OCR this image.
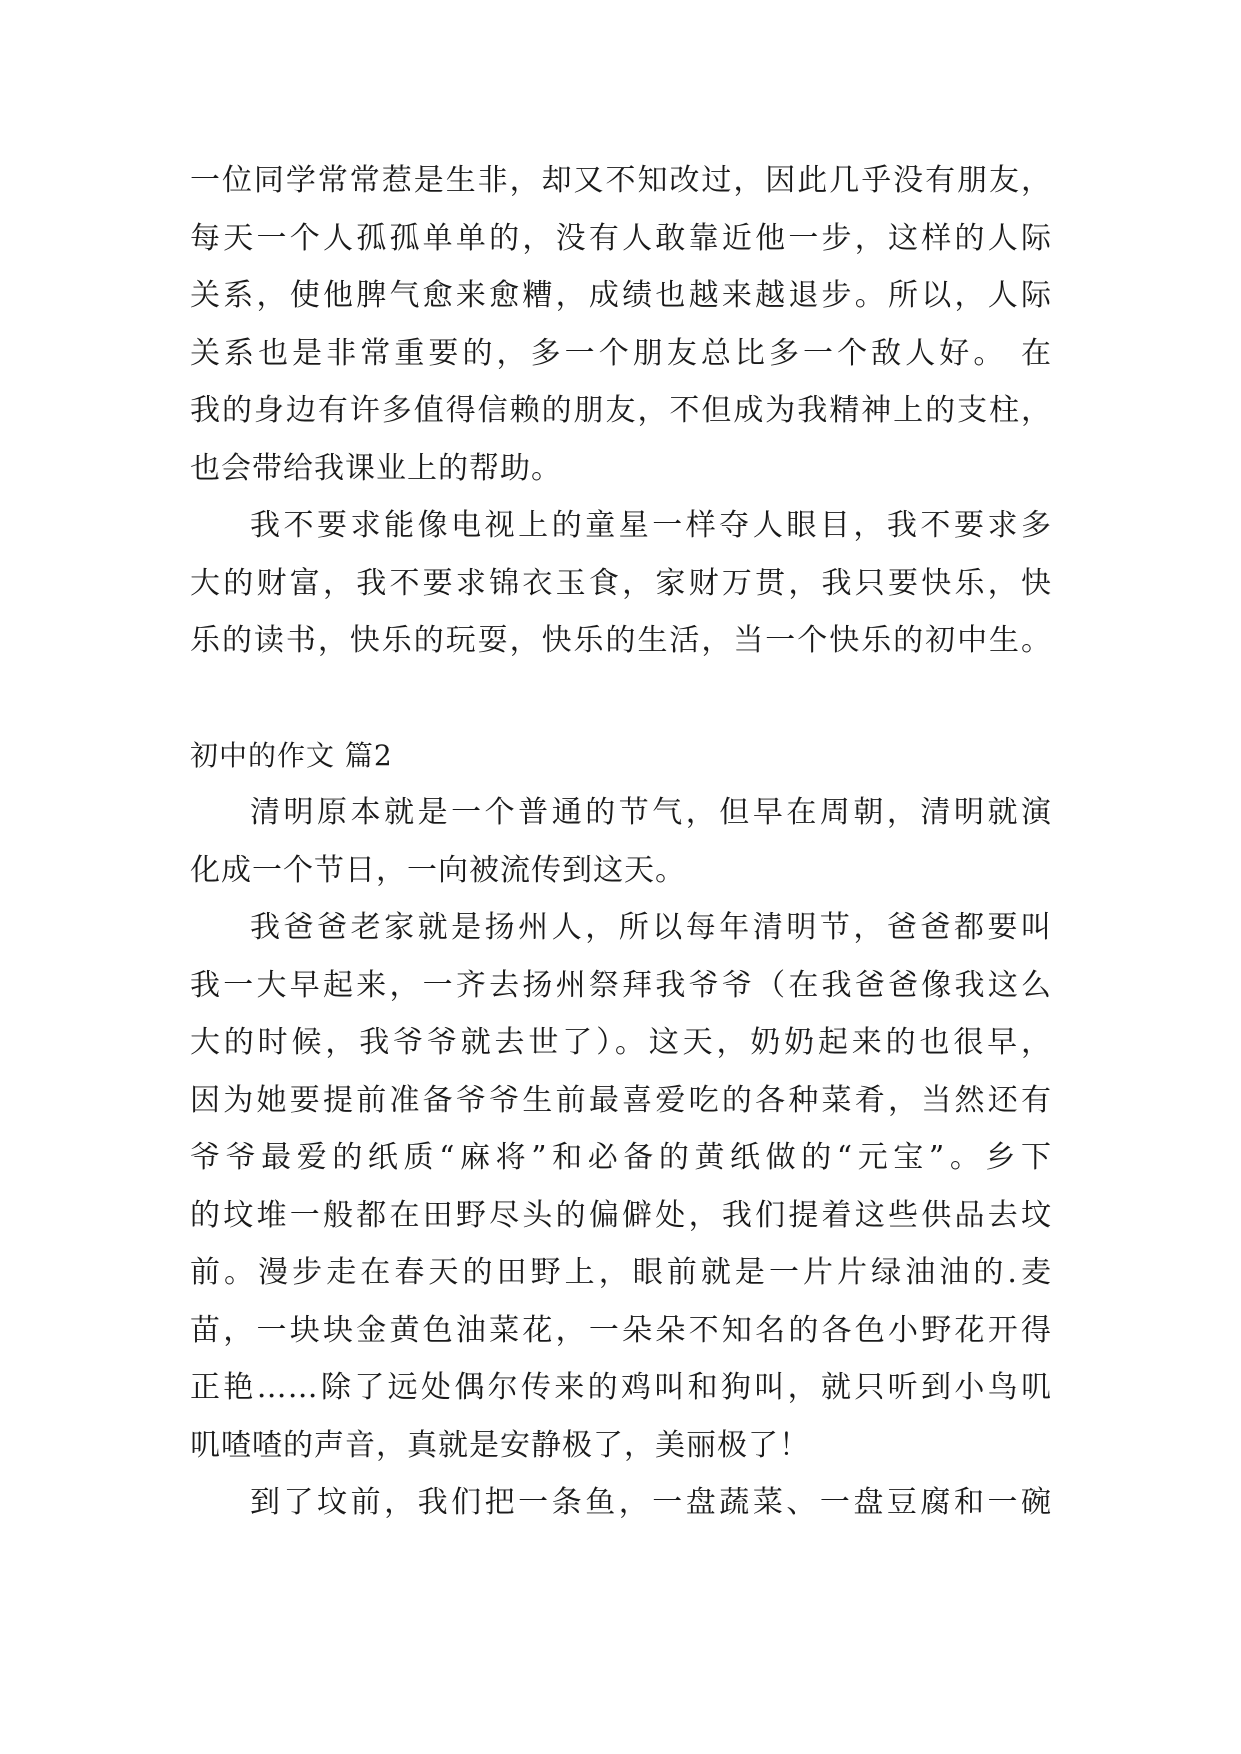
一位同学常常惹是生非，却又不知改过，因此几乎没有朋友，
每天一个人孤孤单单的，没有人敢靠近他一步，这样的人际
关系，使他脾气愈来愈糟，成绩也越来越退步。所以，人际
关系也是非常重要的，多一个朋友总比多一个敌人好。 在
我的身边有许多值得信赖的朋友，不但成为我精神上的支柱，
也会带给我课业上的帮助。

我不要求能像电视上的童星一样夺人眼目，我不要求多
大的财富，我不要求锦衣玉食，家财万贯，我只要快乐，快
乐的读书，快乐的玩耍，快乐的生活，当一个快乐的初中生。

初中的作文 篇2

清明原本就是一个普通的节气，但早在周朝，清明就演
化成一个节日，一向被流传到这天。

我爸爸老家就是扬州人，所以每年清明节，爸爸都要叫
我一大早起来，一齐去扬州祭拜我爷爷（在我爸爸像我这么
大的时候，我爷爷就去世了）。这天，奶奶起来的也很早，
因为她要提前准备爷爷生前最喜爱吃的各种菜肴，当然还有
爷爷最爱的纸质“麻将”和必备的黄纸做的“元宝”。乡下
的坟堆一般都在田野尽头的偏僻处，我们提着这些供品去坟
前。漫步走在春天的田野上，眼前就是一片片绿油油的.麦
苗，一块块金黄色油菜花，一朵朵不知名的各色小野花开得
正艳……除了远处偶尔传来的鸡叫和狗叫，就只听到小鸟叽
叽喳喳的声音，真就是安静极了，美丽极了！

到了坟前，我们把一条鱼，一盘蔬菜、一盘豆腐和一碗
